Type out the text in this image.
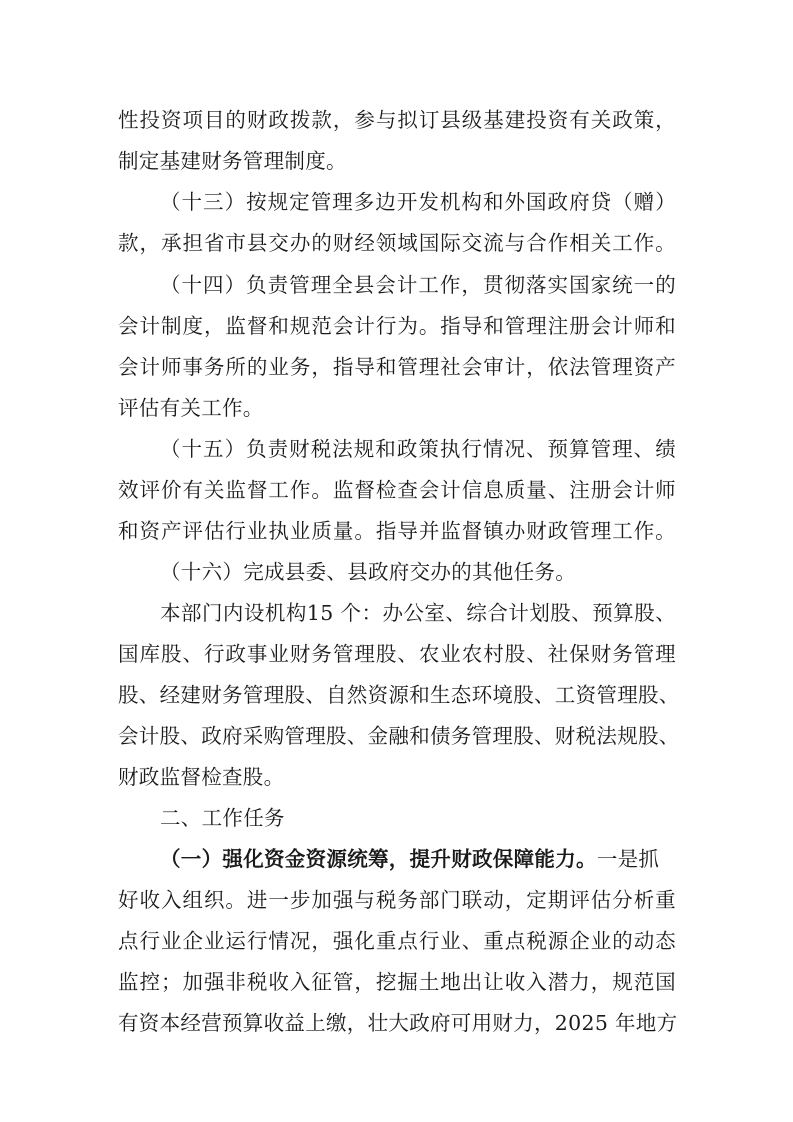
性投资项目的财政拨款，参与拟订县级基建投资有关政策，
制定基建财务管理制度。
（十三）按规定管理多边开发机构和外国政府贷（赠）
款，承担省市县交办的财经领域国际交流与合作相关工作。
（十四）负责管理全县会计工作，贯彻落实国家统一的
会计制度，监督和规范会计行为。指导和管理注册会计师和
会计师事务所的业务，指导和管理社会审计，依法管理资产
评估有关工作。
（十五）负责财税法规和政策执行情况、预算管理、绩
效评价有关监督工作。监督检查会计信息质量、注册会计师
和资产评估行业执业质量。指导并监督镇办财政管理工作。
（十六）完成县委、县政府交办的其他任务。
本部门内设机构15 个：办公室、综合计划股、预算股、
国库股、行政事业财务管理股、农业农村股、社保财务管理
股、经建财务管理股、自然资源和生态环境股、工资管理股、
会计股、政府采购管理股、金融和债务管理股、财税法规股、
财政监督检查股。
二、工作任务
（一）强化资金资源统筹，提升财政保障能力。一是抓
好收入组织。进一步加强与税务部门联动，定期评估分析重
点行业企业运行情况，强化重点行业、重点税源企业的动态
监控；加强非税收入征管，挖掘土地出让收入潜力，规范国
有资本经营预算收益上缴，壮大政府可用财力，2025 年地方
